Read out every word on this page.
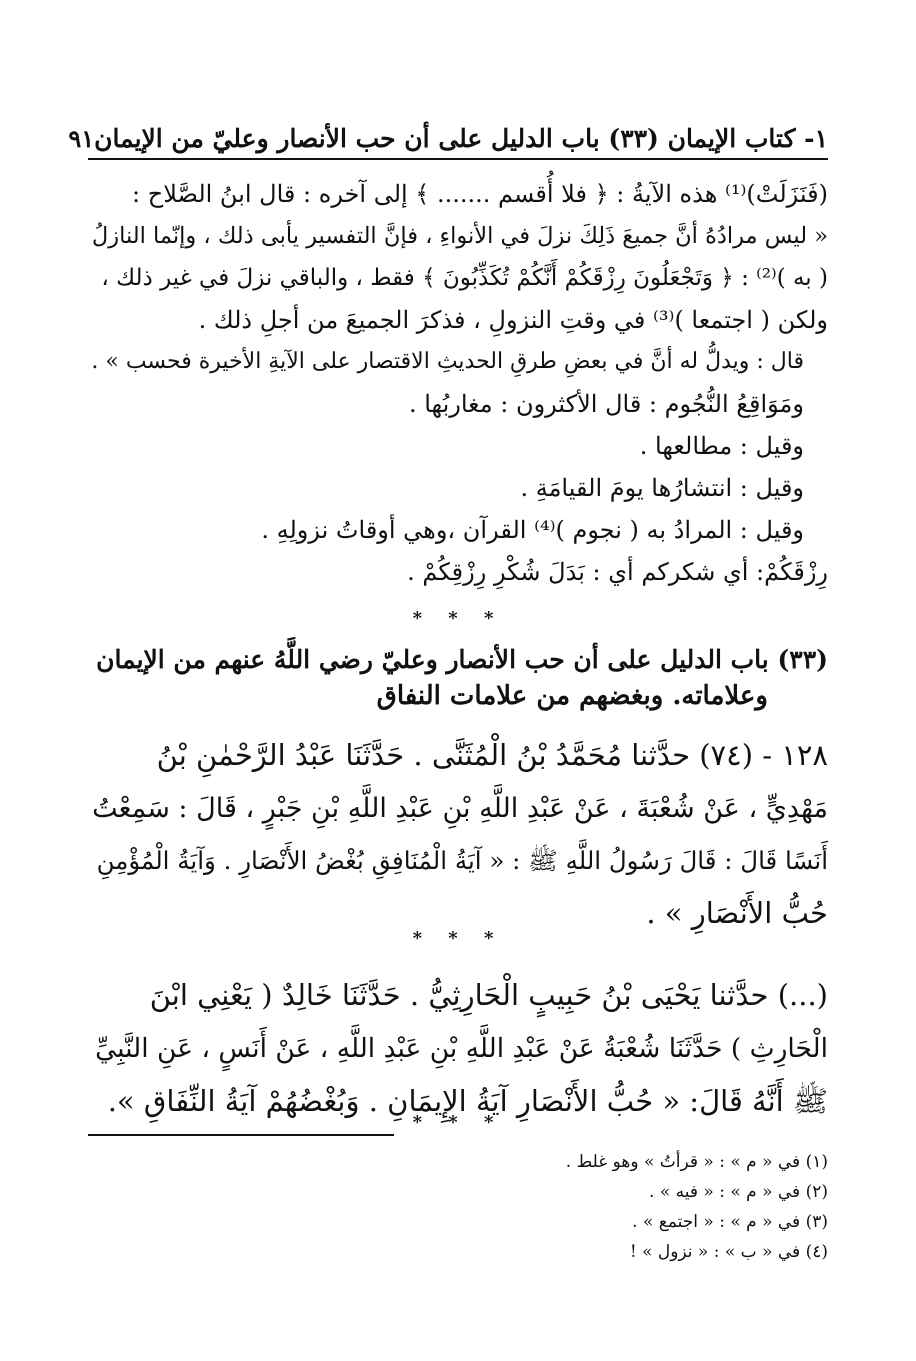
١- كتاب الإيمان (٣٣) باب الدليل على أن حب الأنصار وعليّ من الإيمان
٩١
(فَنَزَلَتْ)⁽¹⁾ هذه الآيةُ : ﴿ فلا أُقسم ....... ﴾ إلى آخره : قال ابنُ الصَّلاح :
« ليس مرادُهُ أنَّ جميعَ ذَلِكَ نزلَ في الأنواءِ ، فإنَّ التفسير يأبى ذلك ، وإنّما النازلُ
( به )⁽²⁾ : ﴿ وَتَجْعَلُونَ رِزْقَكُمْ أَنَّكُمْ تُكَذِّبُونَ ﴾ فقط ، والباقي نزلَ في غير ذلك ،
ولكن ( اجتمعا )⁽³⁾ في وقتِ النزولِ ، فذكرَ الجميعَ من أجلِ ذلك .
قال : ويدلُّ له أنَّ في بعضِ طرقِ الحديثِ الاقتصار على الآيةِ الأخيرة فحسب » .
ومَوَاقِعُ النُّجُوم : قال الأكثرون : مغاربُها .
وقيل : مطالعها .
وقيل : انتشارُها يومَ القيامَةِ .
وقيل : المرادُ به ( نجوم )⁽⁴⁾ القرآن ،وهي أوقاتُ نزولِهِ .
رِزْقَكُمْ: أي شكركم أي : بَدَلَ شُكْرِ رِزْقِكُمْ .
* * *
(٣٣) باب الدليل على أن حب الأنصار وعليّ رضي اللَّهُ عنهم من الإيمان
وعلاماته. وبغضهم من علامات النفاق
١٢٨ - (٧٤) حدَّثنا مُحَمَّدُ بْنُ الْمُثَنَّى . حَدَّثَنَا عَبْدُ الرَّحْمٰنِ بْنُ
مَهْدِيٍّ ، عَنْ شُعْبَةَ ، عَنْ عَبْدِ اللَّهِ بْنِ عَبْدِ اللَّهِ بْنِ جَبْرٍ ، قَالَ : سَمِعْتُ
أَنَسًا قَالَ : قَالَ رَسُولُ اللَّهِ ﷺ : « آيَةُ الْمُنَافِقِ بُغْضُ الأَنْصَارِ . وَآيَةُ الْمُؤْمِنِ
حُبُّ الأَنْصَارِ » .
* * *
(...) حدَّثنا يَحْيَى بْنُ حَبِيبٍ الْحَارِثِيُّ . حَدَّثَنَا خَالِدٌ ( يَعْنِي ابْنَ
الْحَارِثِ ) حَدَّثَنَا شُعْبَةُ عَنْ عَبْدِ اللَّهِ بْنِ عَبْدِ اللَّهِ ، عَنْ أَنَسٍ ، عَنِ النَّبِيِّ
ﷺ أَنَّهُ قَالَ: « حُبُّ الأَنْصَارِ آيَةُ الإِيمَانِ . وَبُغْضُهُمْ آيَةُ النِّفَاقِ ».
* * *
(١) في « م » : « قرأتُ » وهو غلط .
(٢) في « م » : « فيه » .
(٣) في « م » : « اجتمع » .
(٤) في « ب » : « نزول » !
